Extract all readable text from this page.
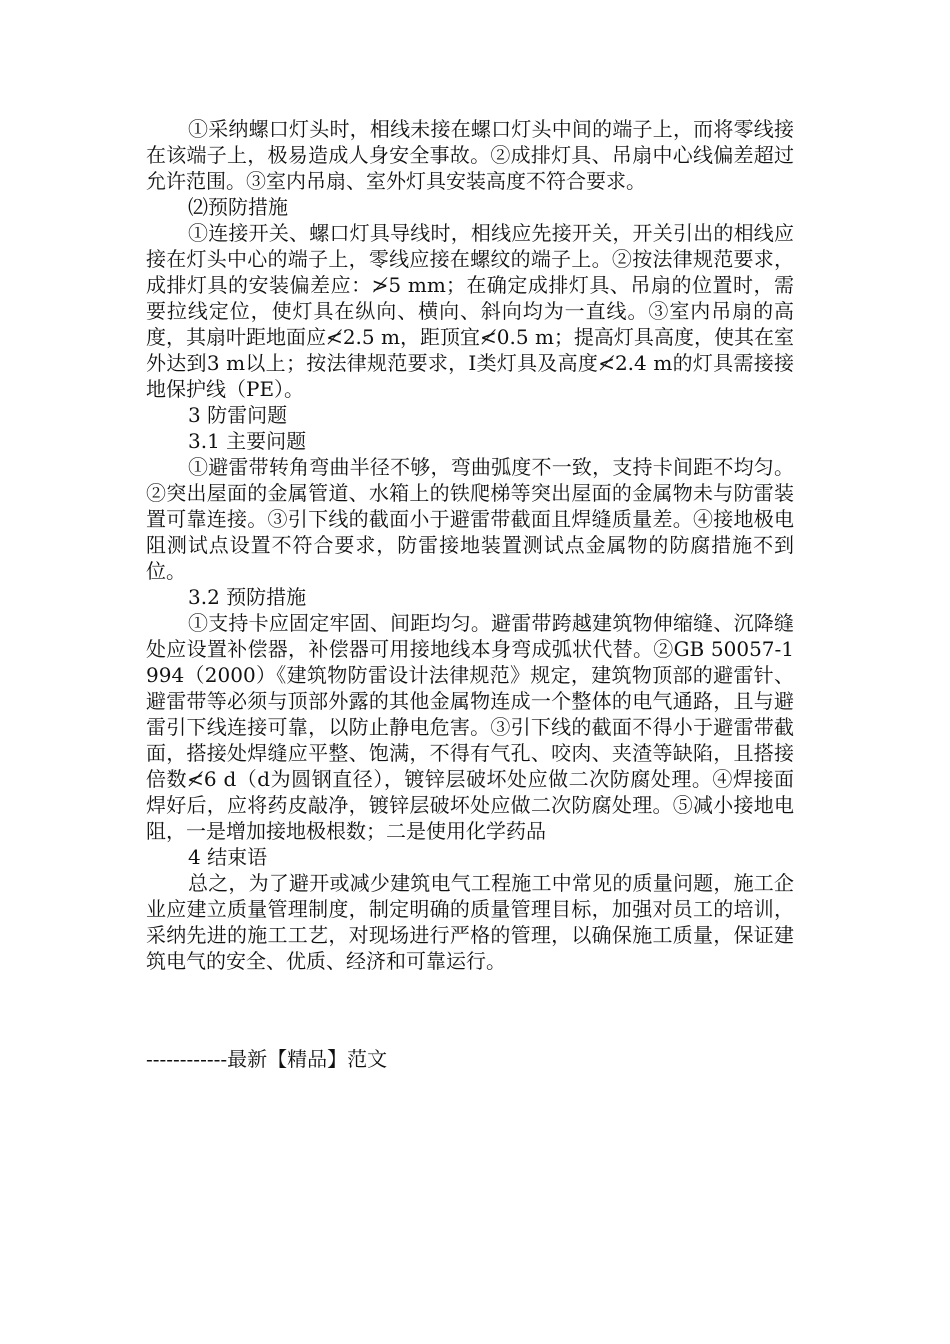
①采纳螺口灯头时，相线未接在螺口灯头中间的端子上，而将零线接在该端子上，极易造成人身安全事故。②成排灯具、吊扇中心线偏差超过允许范围。③室内吊扇、室外灯具安装高度不符合要求。

⑵预防措施

①连接开关、螺口灯具导线时，相线应先接开关，开关引出的相线应接在灯头中心的端子上，零线应接在螺纹的端子上。②按法律规范要求，成排灯具的安装偏差应：≯5 mm；在确定成排灯具、吊扇的位置时，需要拉线定位，使灯具在纵向、横向、斜向均为一直线。③室内吊扇的高度，其扇叶距地面应≮2.5 m，距顶宜≮0.5 m；提高灯具高度，使其在室外达到3 m以上；按法律规范要求，I类灯具及高度≮2.4 m的灯具需接接地保护线（PE）。

3 防雷问题

3.1 主要问题

①避雷带转角弯曲半径不够，弯曲弧度不一致，支持卡间距不均匀。②突出屋面的金属管道、水箱上的铁爬梯等突出屋面的金属物未与防雷装置可靠连接。③引下线的截面小于避雷带截面且焊缝质量差。④接地极电阻测试点设置不符合要求，防雷接地装置测试点金属物的防腐措施不到位。

3.2 预防措施

①支持卡应固定牢固、间距均匀。避雷带跨越建筑物伸缩缝、沉降缝处应设置补偿器，补偿器可用接地线本身弯成弧状代替。②GB 50057-1994（2000）《建筑物防雷设计法律规范》规定，建筑物顶部的避雷针、避雷带等必须与顶部外露的其他金属物连成一个整体的电气通路，且与避雷引下线连接可靠，以防止静电危害。③引下线的截面不得小于避雷带截面，搭接处焊缝应平整、饱满，不得有气孔、咬肉、夹渣等缺陷，且搭接倍数≮6 d（d为圆钢直径），镀锌层破坏处应做二次防腐处理。④焊接面焊好后，应将药皮敲净，镀锌层破坏处应做二次防腐处理。⑤减小接地电阻，一是增加接地极根数；二是使用化学药品

4 结束语

总之，为了避开或减少建筑电气工程施工中常见的质量问题，施工企业应建立质量管理制度，制定明确的质量管理目标，加强对员工的培训，采纳先进的施工工艺，对现场进行严格的管理，以确保施工质量，保证建筑电气的安全、优质、经济和可靠运行。

------------最新【精品】范文
